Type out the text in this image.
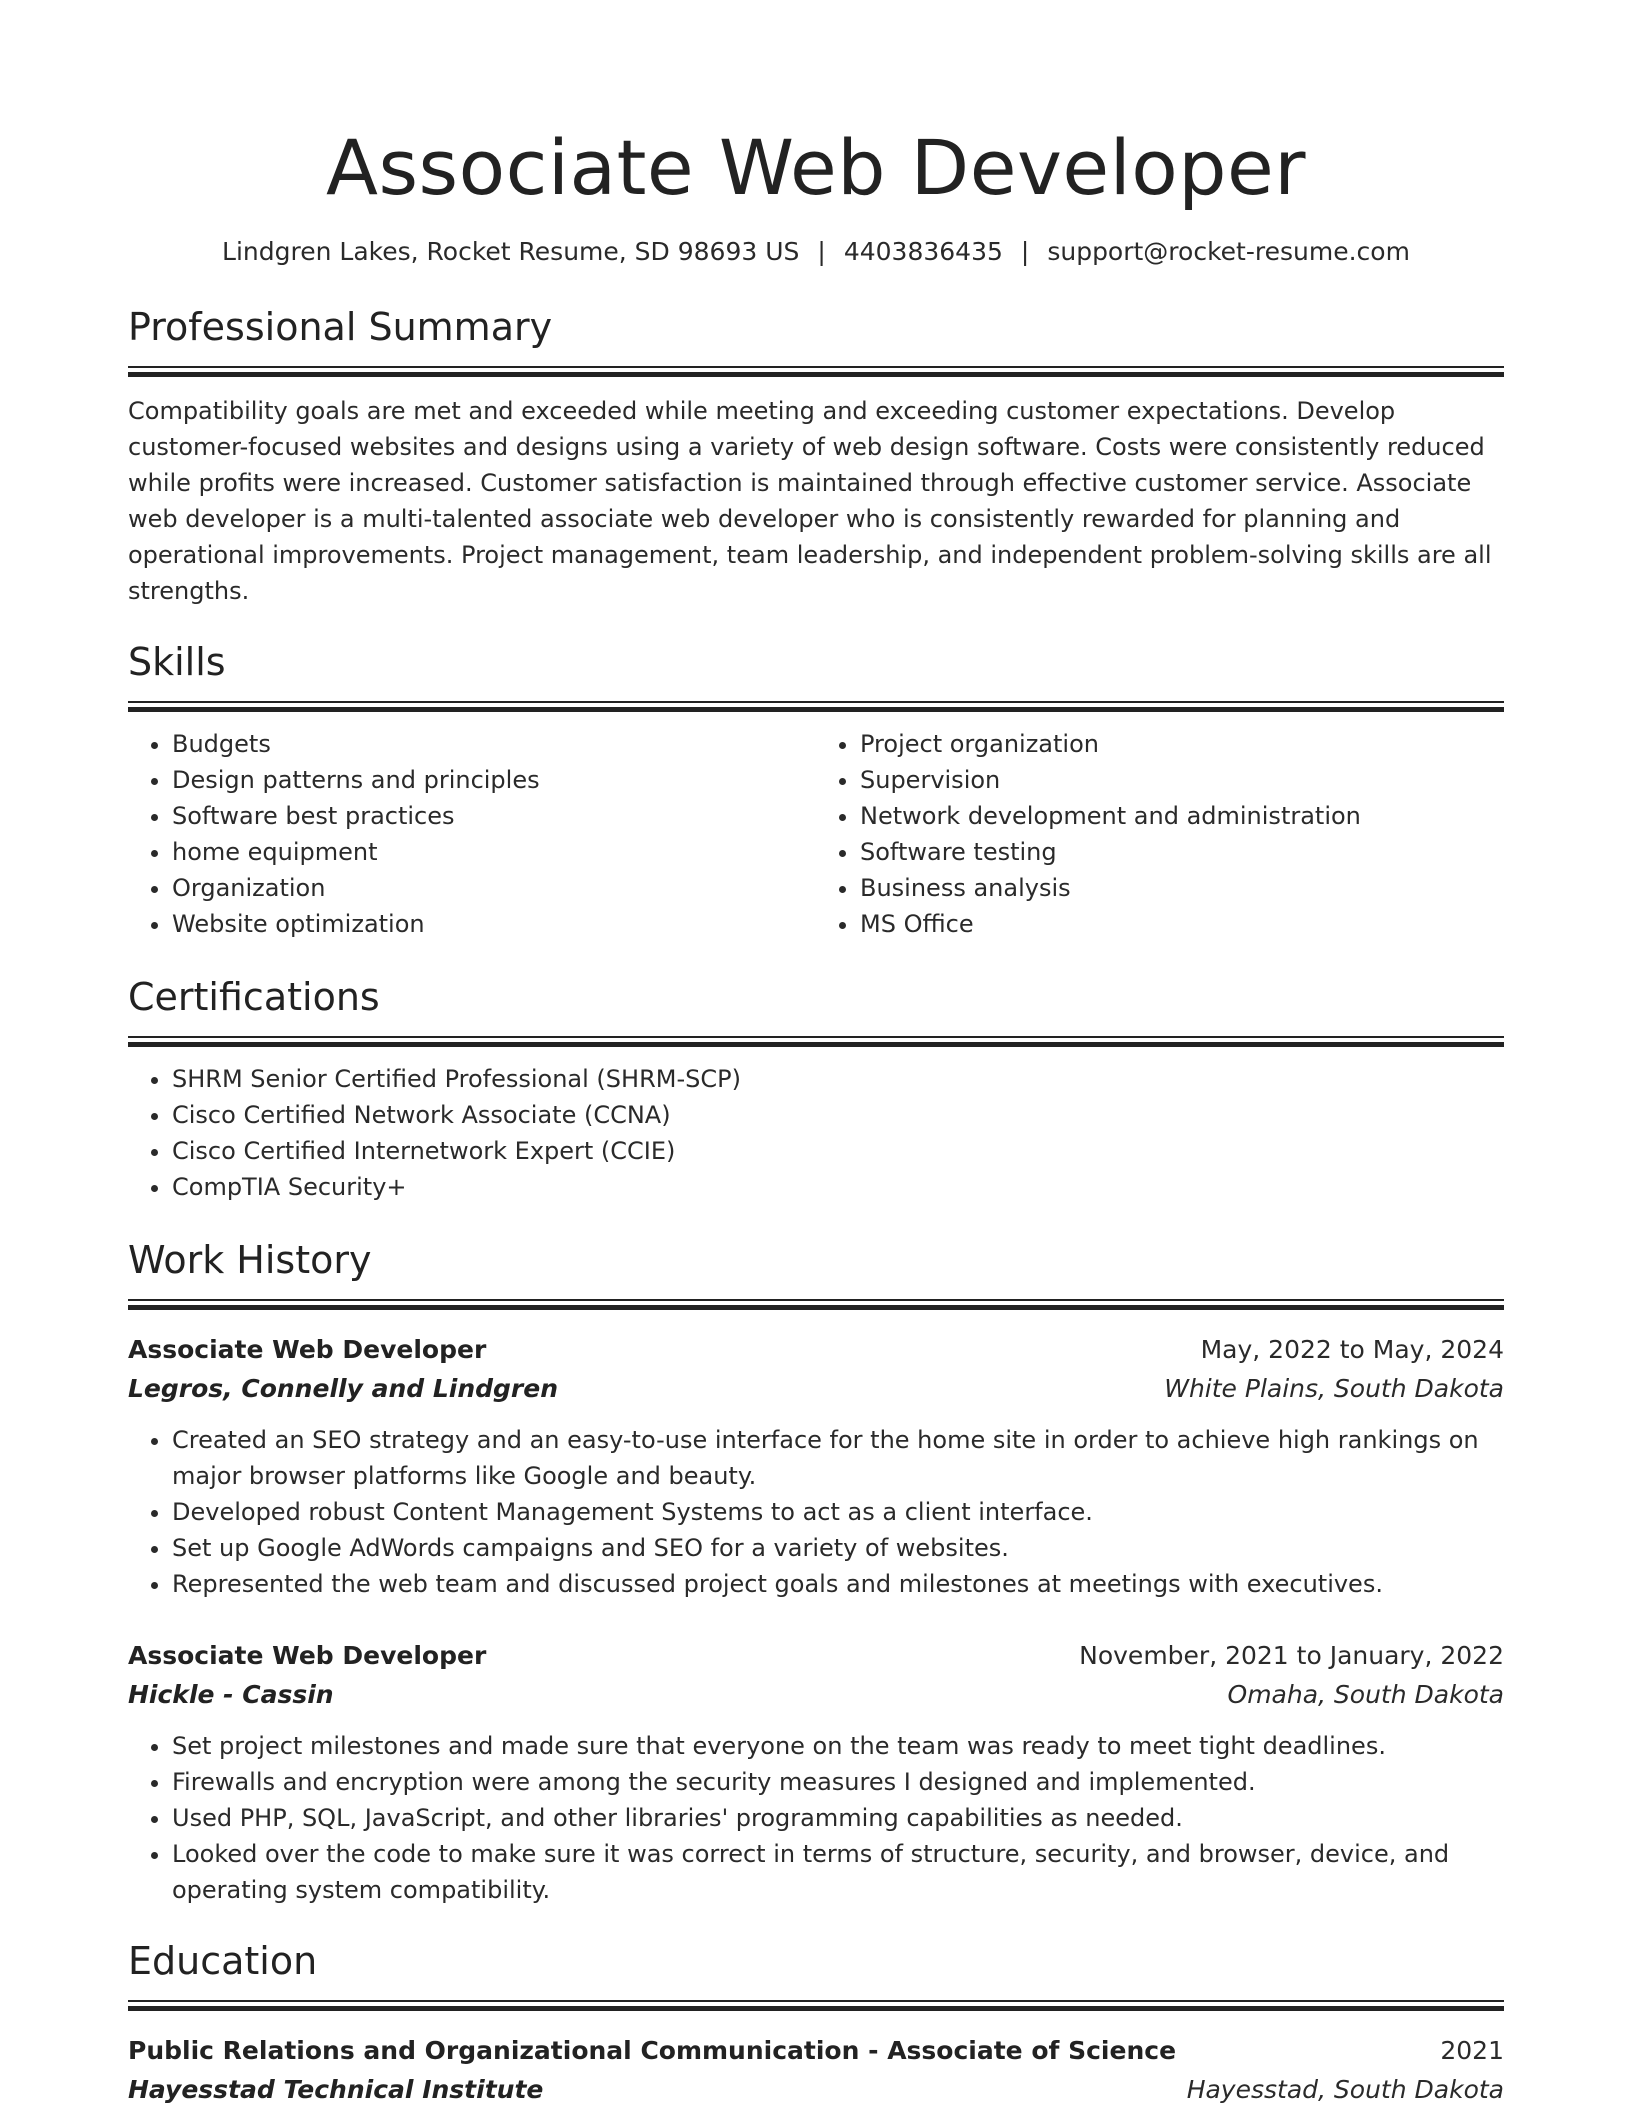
Associate Web Developer
Lindgren Lakes, Rocket Resume, SD 98693 US | 4403836435 | support@rocket-resume.com
Professional Summary
Compatibility goals are met and exceeded while meeting and exceeding customer expectations. Develop customer-focused websites and designs using a variety of web design software. Costs were consistently reduced while profits were increased. Customer satisfaction is maintained through effective customer service. Associate web developer is a multi-talented associate web developer who is consistently rewarded for planning and operational improvements. Project management, team leadership, and independent problem-solving skills are all strengths.
Skills
• Budgets
• Design patterns and principles
• Software best practices
• home equipment
• Organization
• Website optimization
• Project organization
• Supervision
• Network development and administration
• Software testing
• Business analysis
• MS Office
Certifications
• SHRM Senior Certified Professional (SHRM-SCP)
• Cisco Certified Network Associate (CCNA)
• Cisco Certified Internetwork Expert (CCIE)
• CompTIA Security+
Work History
Associate Web Developer	May, 2022 to May, 2024
Legros, Connelly and Lindgren	White Plains, South Dakota
• Created an SEO strategy and an easy-to-use interface for the home site in order to achieve high rankings on major browser platforms like Google and beauty.
• Developed robust Content Management Systems to act as a client interface.
• Set up Google AdWords campaigns and SEO for a variety of websites.
• Represented the web team and discussed project goals and milestones at meetings with executives.
Associate Web Developer	November, 2021 to January, 2022
Hickle - Cassin	Omaha, South Dakota
• Set project milestones and made sure that everyone on the team was ready to meet tight deadlines.
• Firewalls and encryption were among the security measures I designed and implemented.
• Used PHP, SQL, JavaScript, and other libraries' programming capabilities as needed.
• Looked over the code to make sure it was correct in terms of structure, security, and browser, device, and operating system compatibility.
Education
Public Relations and Organizational Communication - Associate of Science	2021
Hayesstad Technical Institute	Hayesstad, South Dakota
